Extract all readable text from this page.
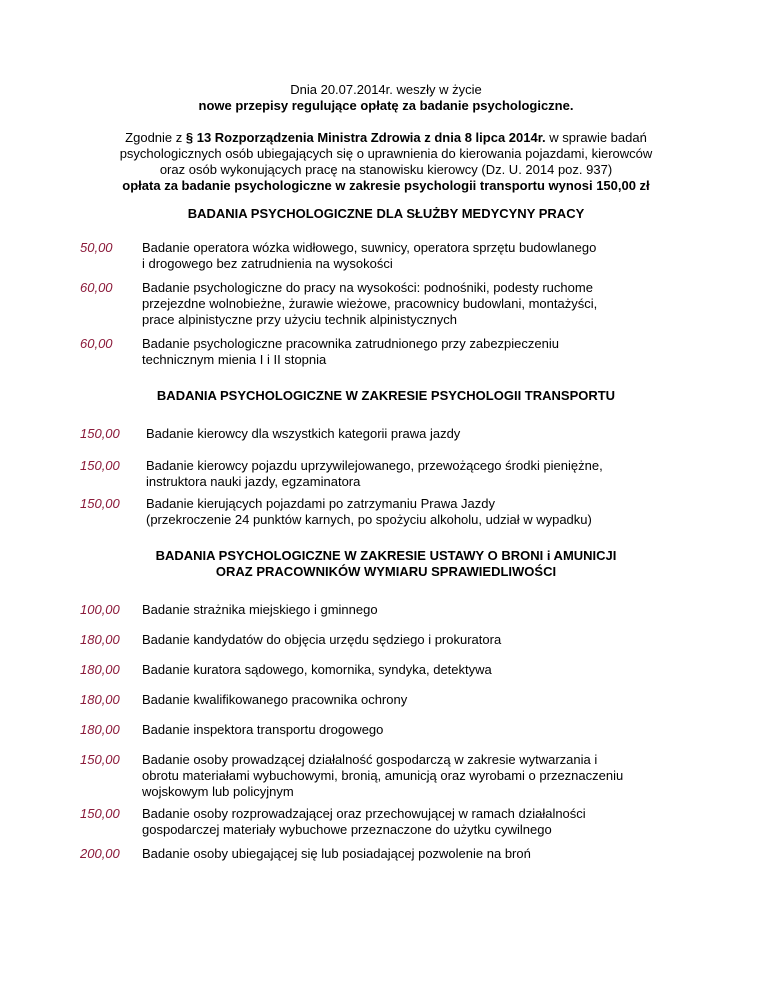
Dnia 20.07.2014r. weszły w życie

nowe przepisy regulujące opłatę za badanie psychologiczne.

Zgodnie z § 13 Rozporządzenia Ministra Zdrowia z dnia 8 lipca 2014r. w sprawie badań

psychologicznych osób ubiegających się o uprawnienia do kierowania pojazdami, kierowców

oraz osób wykonujących pracę na stanowisku kierowcy (Dz. U. 2014 poz. 937)

opłata za badanie psychologiczne w zakresie psychologii transportu wynosi 150,00 zł

BADANIA PSYCHOLOGICZNE DLA SŁUŻBY MEDYCYNY PRACY
50,00 Badanie operatora wózka widłowego, suwnicy, operatora sprzętu budowlanego
i drogowego bez zatrudnienia na wysokości
60,00 Badanie psychologiczne do pracy na wysokości: podnośniki, podesty ruchome
przejezdne wolnobieżne, żurawie wieżowe, pracownicy budowlani, montażyści,
prace alpinistyczne przy użyciu technik alpinistycznych
60,00 Badanie psychologiczne pracownika zatrudnionego przy zabezpieczeniu
technicznym mienia I i II stopnia
BADANIA PSYCHOLOGICZNE W ZAKRESIE PSYCHOLOGII TRANSPORTU
150,00 Badanie kierowcy dla wszystkich kategorii prawa jazdy
150,00 Badanie kierowcy pojazdu uprzywilejowanego, przewożącego środki pieniężne,
instruktora nauki jazdy, egzaminatora
150,00 Badanie kierujących pojazdami po zatrzymaniu Prawa Jazdy
(przekroczenie 24 punktów karnych, po spożyciu alkoholu, udział w wypadku)
BADANIA PSYCHOLOGICZNE W ZAKRESIE USTAWY O BRONI i AMUNICJI
ORAZ PRACOWNIKÓW WYMIARU SPRAWIEDLIWOŚCI
100,00 Badanie strażnika miejskiego i gminnego
180,00 Badanie kandydatów do objęcia urzędu sędziego i prokuratora
180,00 Badanie kuratora sądowego, komornika, syndyka, detektywa
180,00 Badanie kwalifikowanego pracownika ochrony
180,00 Badanie inspektora transportu drogowego
150,00 Badanie osoby prowadzącej działalność gospodarczą w zakresie wytwarzania i
obrotu materiałami wybuchowymi, bronią, amunicją oraz wyrobami o przeznaczeniu
wojskowym lub policyjnym
150,00 Badanie osoby rozprowadzającej oraz przechowującej w ramach działalności
gospodarczej materiały wybuchowe przeznaczone do użytku cywilnego
200,00 Badanie osoby ubiegającej się lub posiadającej pozwolenie na broń
